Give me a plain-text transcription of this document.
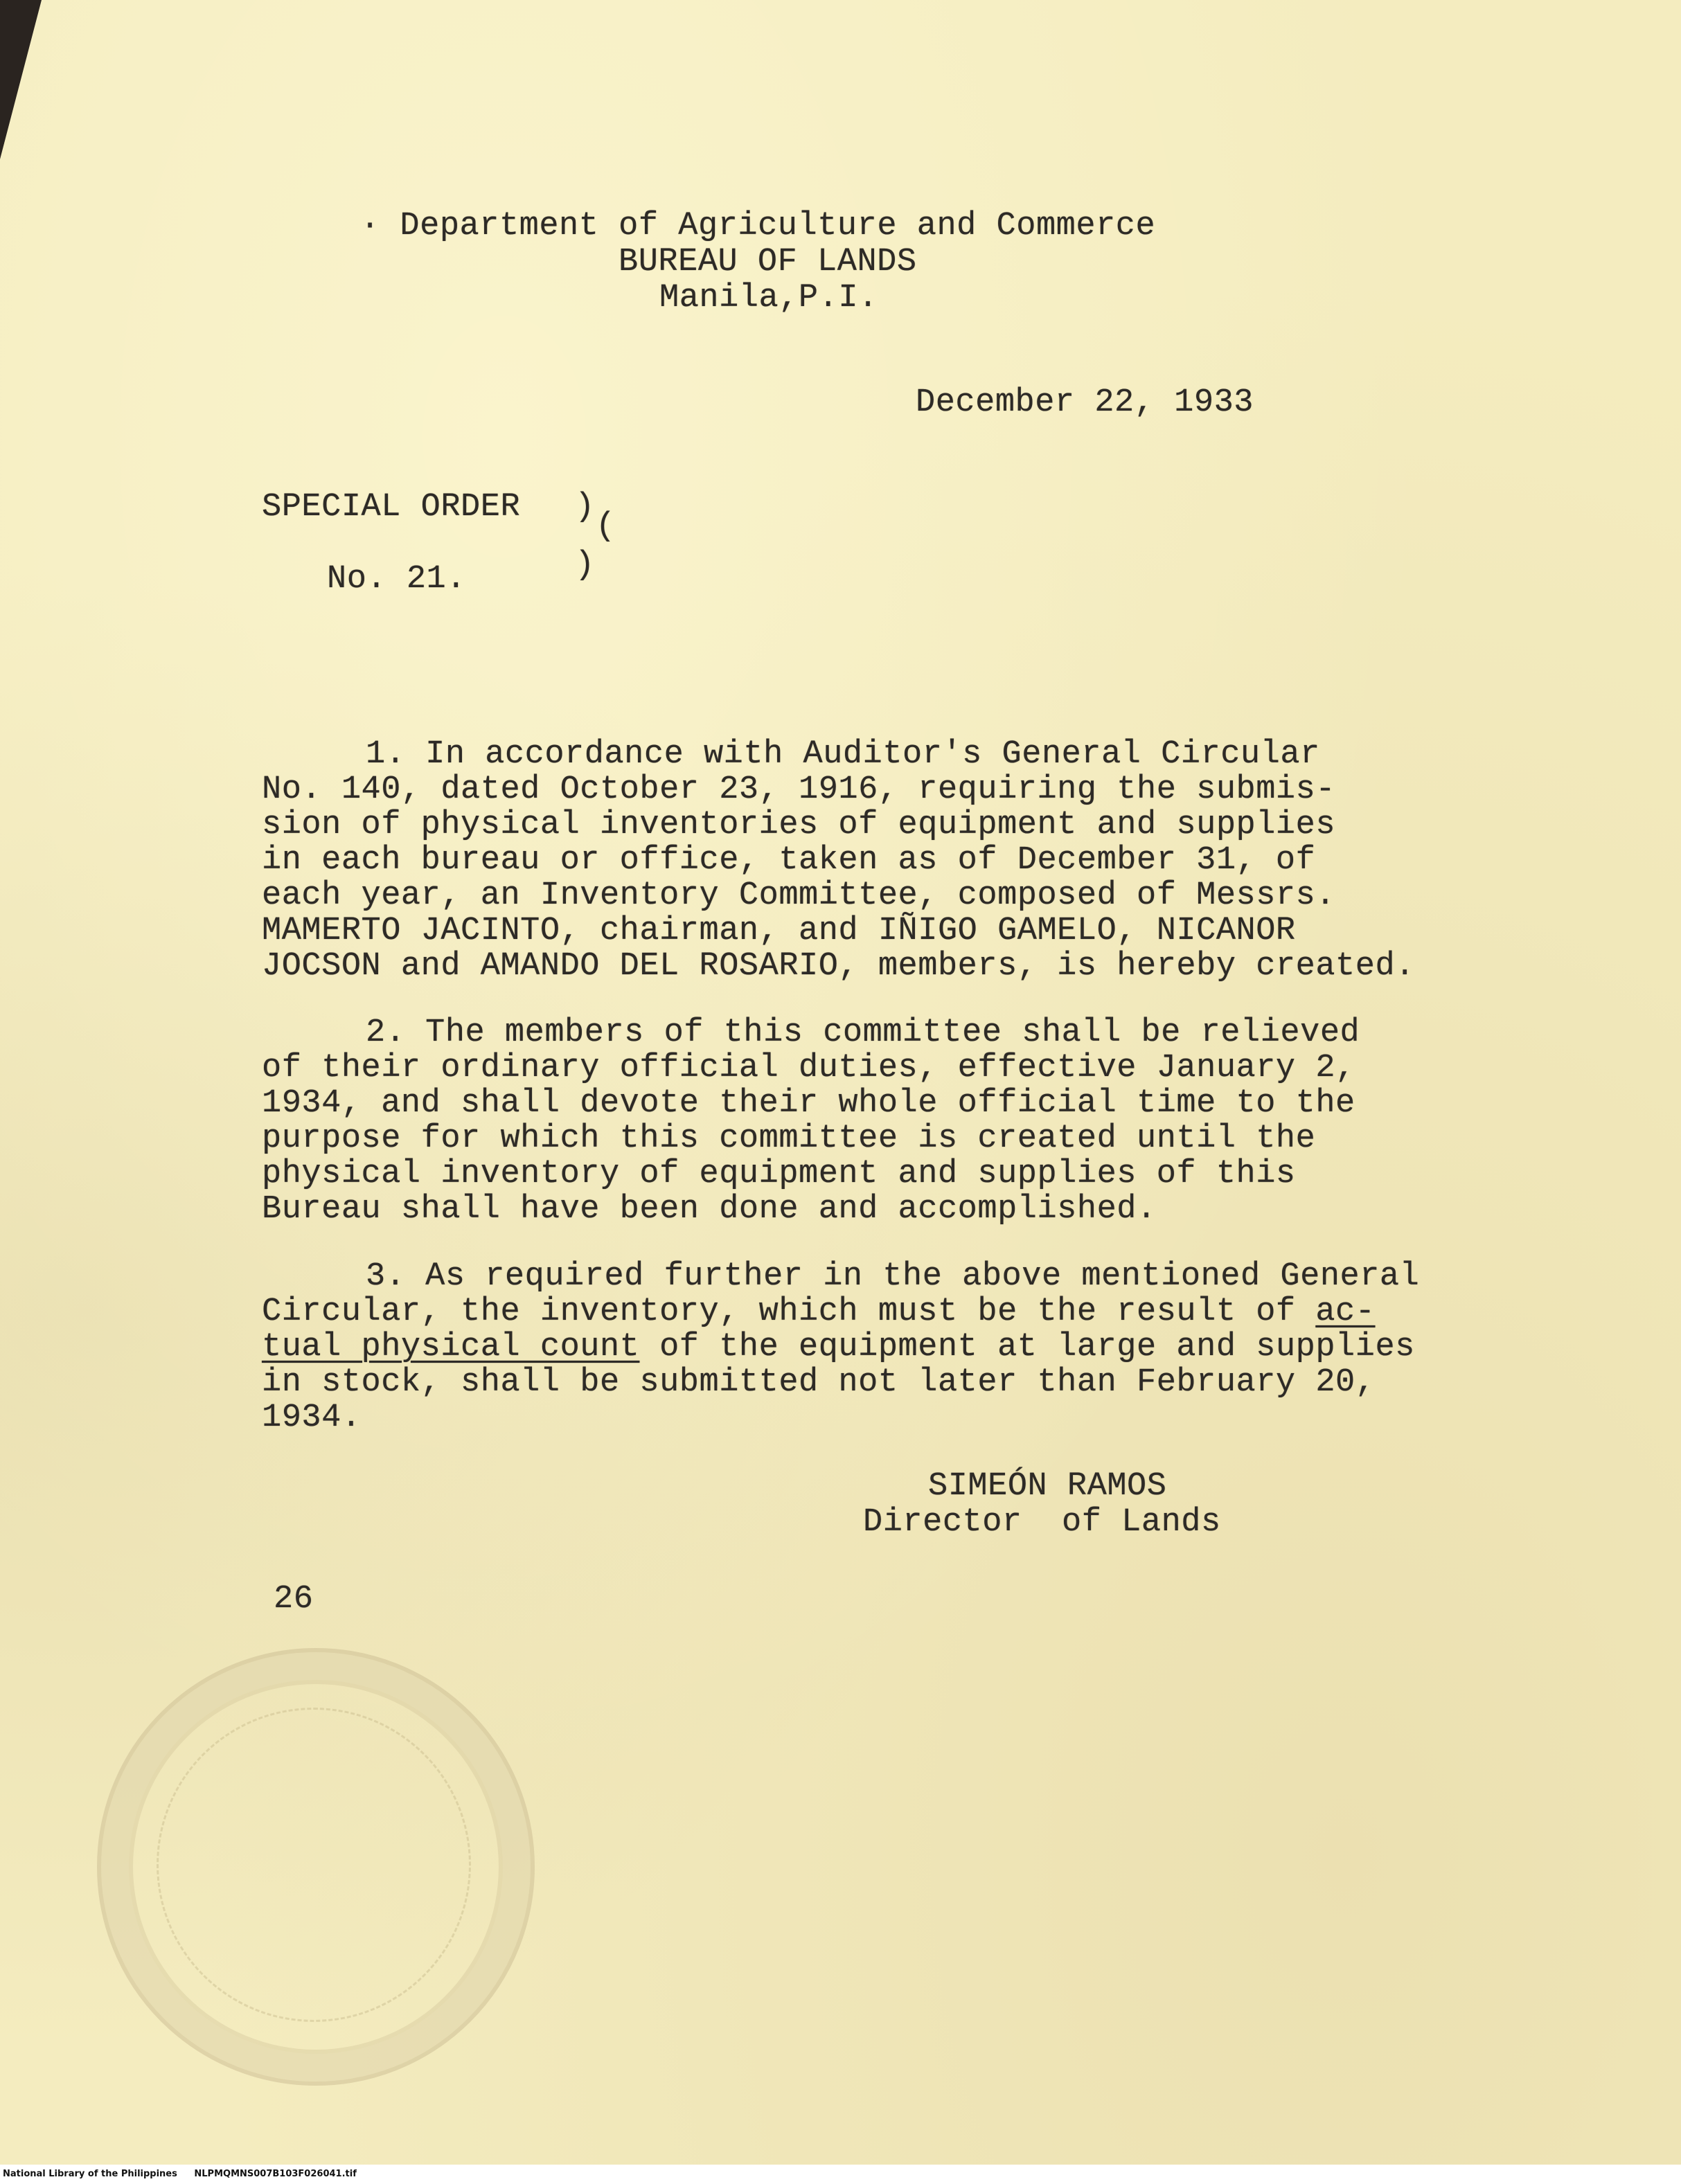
· Department of Agriculture and Commerce
BUREAU OF LANDS
Manila,P.I.
December 22, 1933
SPECIAL ORDER
No. 21.
)
(
)

1. In accordance with Auditor's General Circular
No. 140, dated October 23, 1916, requiring the submis-
sion of physical inventories of equipment and supplies
in each bureau or office, taken as of December 31, of
each year, an Inventory Committee, composed of Messrs.
MAMERTO JACINTO, chairman, and IÑIGO GAMELO, NICANOR
JOCSON and AMANDO DEL ROSARIO, members, is hereby created.

2. The members of this committee shall be relieved
of their ordinary official duties, effective January 2,
1934, and shall devote their whole official time to the
purpose for which this committee is created until the
physical inventory of equipment and supplies of this
Bureau shall have been done and accomplished.

3. As required further in the above mentioned General
Circular, the inventory, which must be the result of ac-
tual physical count of the equipment at large and supplies
in stock, shall be submitted not later than February 20,
1934.

SIMEÓN RAMOS
Director  of Lands
26
National Library of the Philippines NLPMQMNS007B103F026041.tif
